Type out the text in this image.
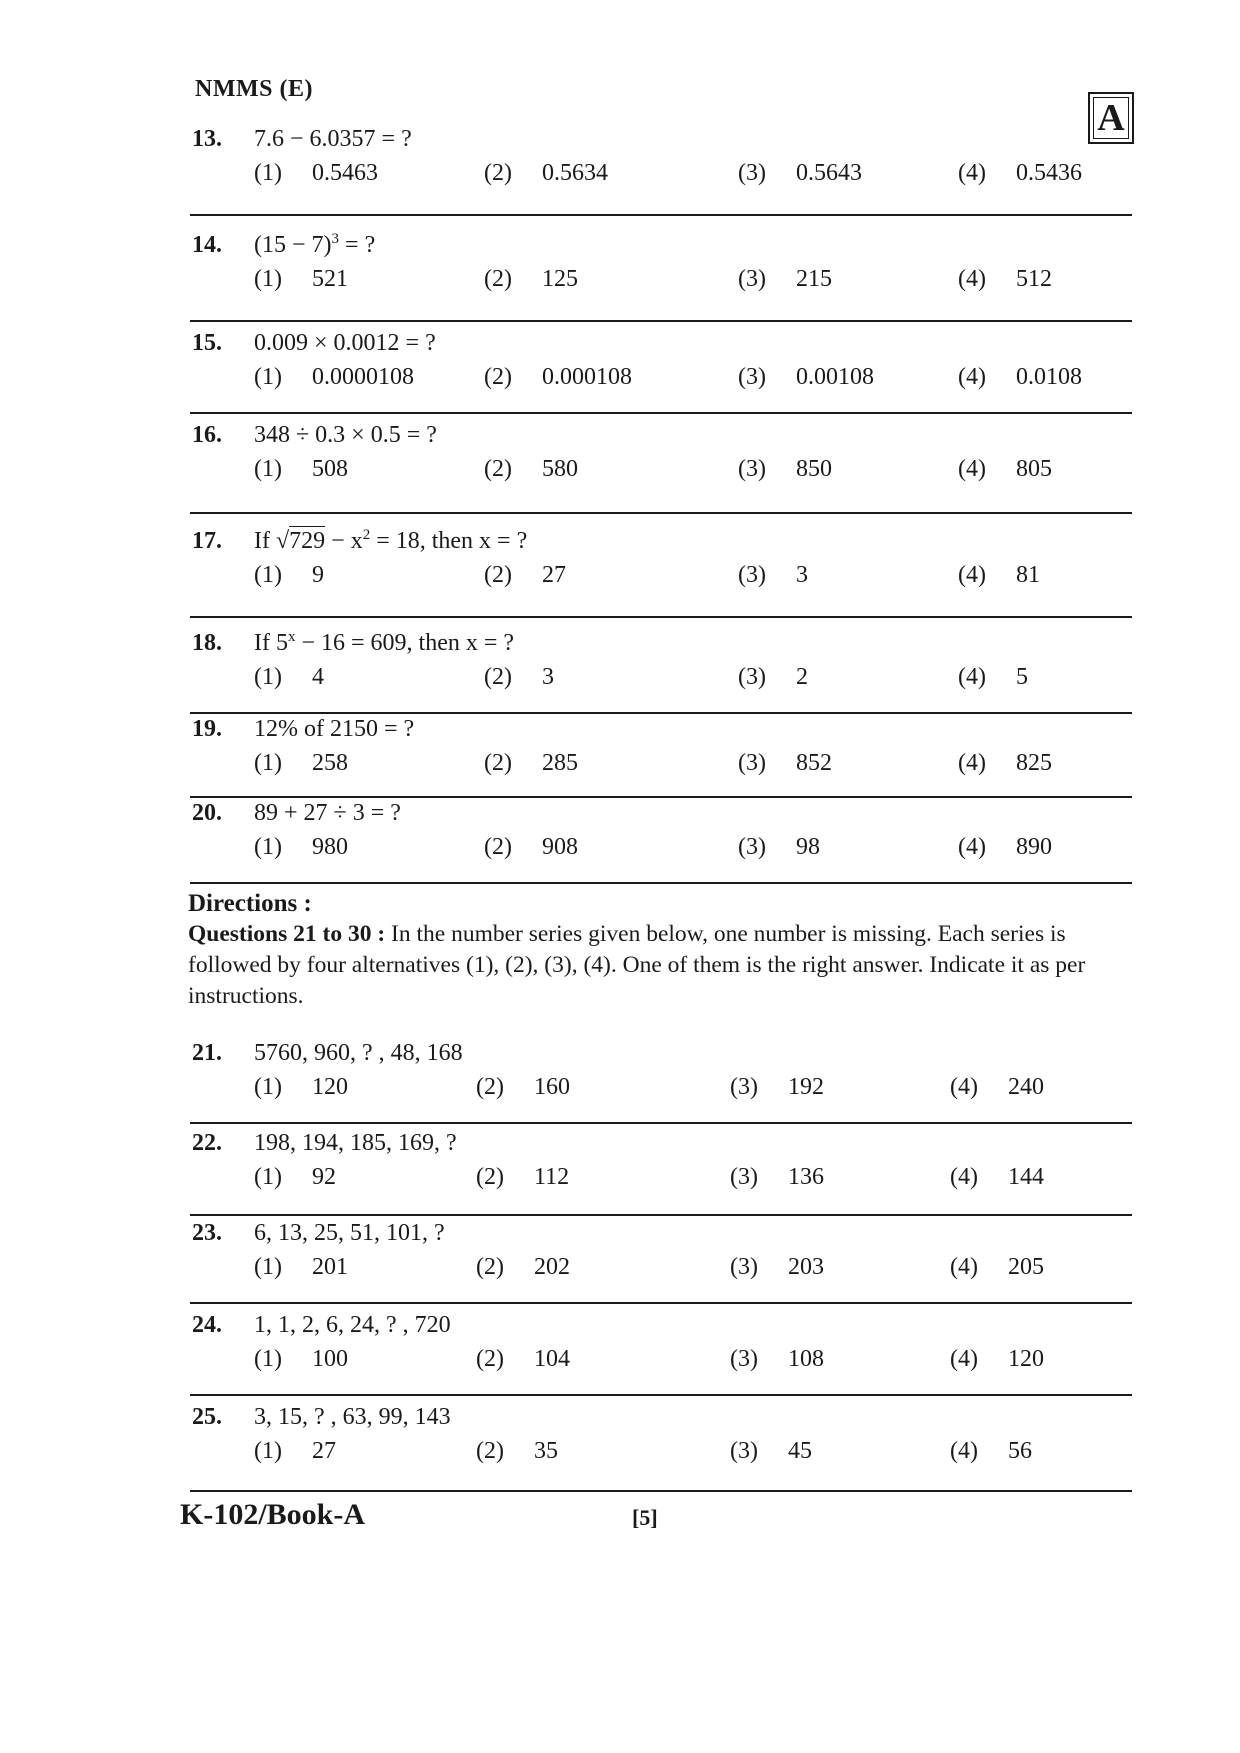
NMMS (E)
A
13. 7.6 − 6.0357 = ?
(1) 0.5463	(2) 0.5634	(3) 0.5643	(4) 0.5436
14. $(15 - 7)^3$ = ?
(1) 521	(2) 125	(3) 215	(4) 512
15. 0.009 × 0.0012 = ?
(1) 0.0000108	(2) 0.000108	(3) 0.00108	(4) 0.0108
16. 348 ÷ 0.3 × 0.5 = ?
(1) 508	(2) 580	(3) 850	(4) 805
17. If $√729 - x^2 = 18$, then x = ?
(1) 9	(2) 27	(3) 3	(4) 81
18. If $5^x - 16 = 609$, then x = ?
(1) 4	(2) 3	(3) 2	(4) 5
19. 12% of 2150 = ?
(1) 258	(2) 285	(3) 852	(4) 825
20. 89 + 27 ÷ 3 = ?
(1) 980	(2) 908	(3) 98	(4) 890
Directions :
Questions 21 to 30 : In the number series given below, one number is missing. Each series is followed by four alternatives (1), (2), (3), (4). One of them is the right answer. Indicate it as per instructions.
21. 5760, 960, ? , 48, 168
(1) 120	(2) 160	(3) 192	(4) 240
22. 198, 194, 185, 169, ?
(1) 92	(2) 112	(3) 136	(4) 144
23. 6, 13, 25, 51, 101, ?
(1) 201	(2) 202	(3) 203	(4) 205
24. 1, 1, 2, 6, 24, ? , 720
(1) 100	(2) 104	(3) 108	(4) 120
25. 3, 15, ? , 63, 99, 143
(1) 27	(2) 35	(3) 45	(4) 56
K-102/Book-A	[5]
